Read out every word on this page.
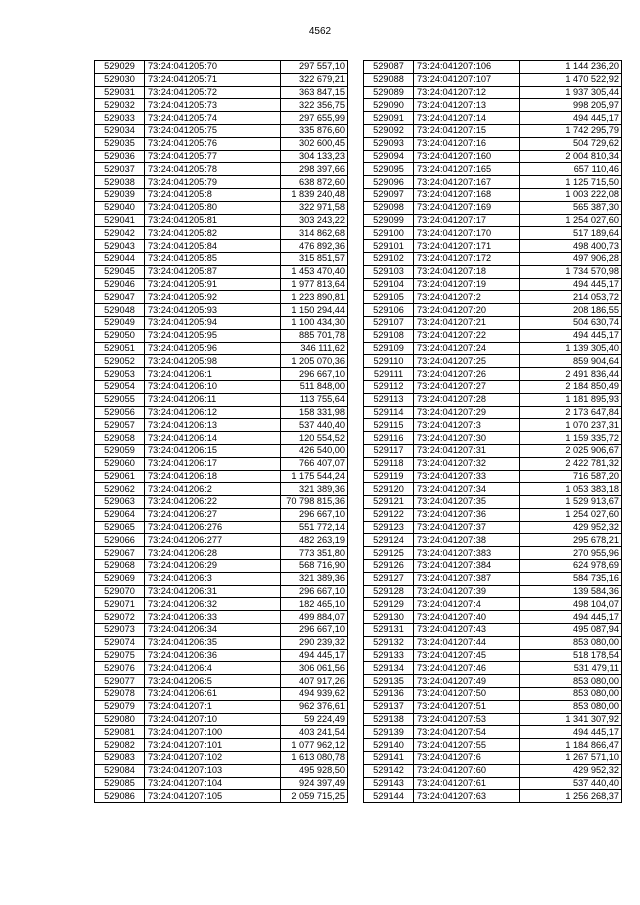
4562
529029	73:24:041205:70	297 557,10
529030	73:24:041205:71	322 679,21
529031	73:24:041205:72	363 847,15
529032	73:24:041205:73	322 356,75
529033	73:24:041205:74	297 655,99
529034	73:24:041205:75	335 876,60
529035	73:24:041205:76	302 600,45
529036	73:24:041205:77	304 133,23
529037	73:24:041205:78	298 397,66
529038	73:24:041205:79	638 872,60
529039	73:24:041205:8	1 839 240,48
529040	73:24:041205:80	322 971,58
529041	73:24:041205:81	303 243,22
529042	73:24:041205:82	314 862,68
529043	73:24:041205:84	476 892,36
529044	73:24:041205:85	315 851,57
529045	73:24:041205:87	1 453 470,40
529046	73:24:041205:91	1 977 813,64
529047	73:24:041205:92	1 223 890,81
529048	73:24:041205:93	1 150 294,44
529049	73:24:041205:94	1 100 434,30
529050	73:24:041205:95	885 701,78
529051	73:24:041205:96	346 111,62
529052	73:24:041205:98	1 205 070,36
529053	73:24:041206:1	296 667,10
529054	73:24:041206:10	511 848,00
529055	73:24:041206:11	113 755,64
529056	73:24:041206:12	158 331,98
529057	73:24:041206:13	537 440,40
529058	73:24:041206:14	120 554,52
529059	73:24:041206:15	426 540,00
529060	73:24:041206:17	766 407,07
529061	73:24:041206:18	1 175 544,24
529062	73:24:041206:2	321 389,36
529063	73:24:041206:22	70 798 815,36
529064	73:24:041206:27	296 667,10
529065	73:24:041206:276	551 772,14
529066	73:24:041206:277	482 263,19
529067	73:24:041206:28	773 351,80
529068	73:24:041206:29	568 716,90
529069	73:24:041206:3	321 389,36
529070	73:24:041206:31	296 667,10
529071	73:24:041206:32	182 465,10
529072	73:24:041206:33	499 884,07
529073	73:24:041206:34	296 667,10
529074	73:24:041206:35	290 239,32
529075	73:24:041206:36	494 445,17
529076	73:24:041206:4	306 061,56
529077	73:24:041206:5	407 917,26
529078	73:24:041206:61	494 939,62
529079	73:24:041207:1	962 376,61
529080	73:24:041207:10	59 224,49
529081	73:24:041207:100	403 241,54
529082	73:24:041207:101	1 077 962,12
529083	73:24:041207:102	1 613 080,78
529084	73:24:041207:103	495 928,50
529085	73:24:041207:104	924 397,49
529086	73:24:041207:105	2 059 715,25
529087	73:24:041207:106	1 144 236,20
529088	73:24:041207:107	1 470 522,92
529089	73:24:041207:12	1 937 305,44
529090	73:24:041207:13	998 205,97
529091	73:24:041207:14	494 445,17
529092	73:24:041207:15	1 742 295,79
529093	73:24:041207:16	504 729,62
529094	73:24:041207:160	2 004 810,34
529095	73:24:041207:165	657 110,46
529096	73:24:041207:167	1 125 715,50
529097	73:24:041207:168	1 003 222,08
529098	73:24:041207:169	565 387,30
529099	73:24:041207:17	1 254 027,60
529100	73:24:041207:170	517 189,64
529101	73:24:041207:171	498 400,73
529102	73:24:041207:172	497 906,28
529103	73:24:041207:18	1 734 570,98
529104	73:24:041207:19	494 445,17
529105	73:24:041207:2	214 053,72
529106	73:24:041207:20	208 186,55
529107	73:24:041207:21	504 630,74
529108	73:24:041207:22	494 445,17
529109	73:24:041207:24	1 139 305,40
529110	73:24:041207:25	859 904,64
529111	73:24:041207:26	2 491 836,44
529112	73:24:041207:27	2 184 850,49
529113	73:24:041207:28	1 181 895,93
529114	73:24:041207:29	2 173 647,84
529115	73:24:041207:3	1 070 237,31
529116	73:24:041207:30	1 159 335,72
529117	73:24:041207:31	2 025 906,67
529118	73:24:041207:32	2 422 781,32
529119	73:24:041207:33	716 587,20
529120	73:24:041207:34	1 053 383,18
529121	73:24:041207:35	1 529 913,67
529122	73:24:041207:36	1 254 027,60
529123	73:24:041207:37	429 952,32
529124	73:24:041207:38	295 678,21
529125	73:24:041207:383	270 955,96
529126	73:24:041207:384	624 978,69
529127	73:24:041207:387	584 735,16
529128	73:24:041207:39	139 584,36
529129	73:24:041207:4	498 104,07
529130	73:24:041207:40	494 445,17
529131	73:24:041207:43	495 087,94
529132	73:24:041207:44	853 080,00
529133	73:24:041207:45	518 178,54
529134	73:24:041207:46	531 479,11
529135	73:24:041207:49	853 080,00
529136	73:24:041207:50	853 080,00
529137	73:24:041207:51	853 080,00
529138	73:24:041207:53	1 341 307,92
529139	73:24:041207:54	494 445,17
529140	73:24:041207:55	1 184 866,47
529141	73:24:041207:6	1 267 571,10
529142	73:24:041207:60	429 952,32
529143	73:24:041207:61	537 440,40
529144	73:24:041207:63	1 256 268,37
